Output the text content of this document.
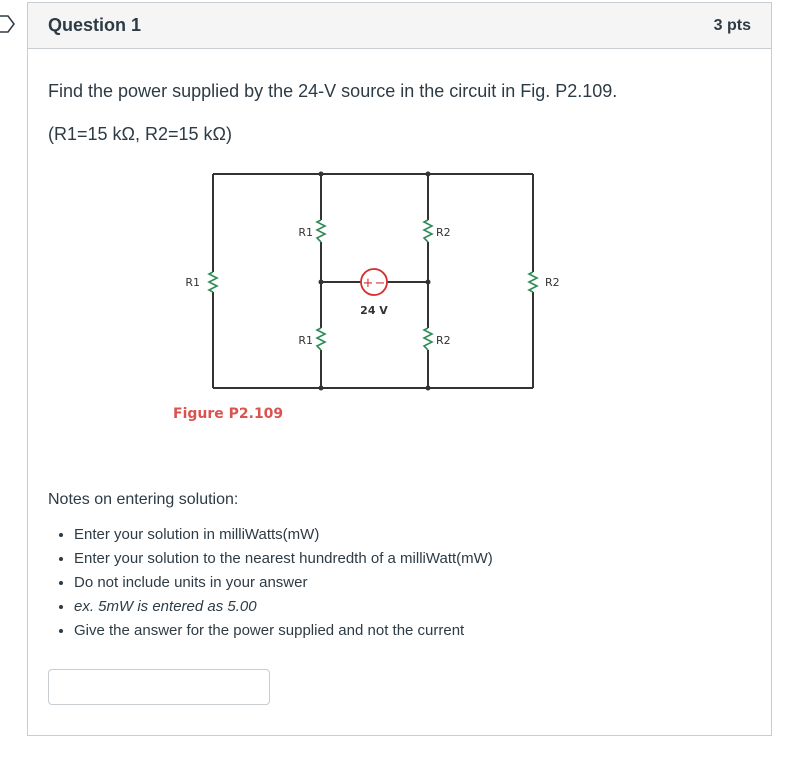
Question 1	3 pts

Find the power supplied by the 24-V source in the circuit in Fig. P2.109.

(R1=15 kΩ, R2=15 kΩ)

+ −
24 V
R1
R1
R1
R2
R2
R2
Figure P2.109

Notes on entering solution:

• Enter your solution in milliWatts(mW)
• Enter your solution to the nearest hundredth of a milliWatt(mW)
• Do not include units in your answer
• ex. 5mW is entered as 5.00
• Give the answer for the power supplied and not the current
